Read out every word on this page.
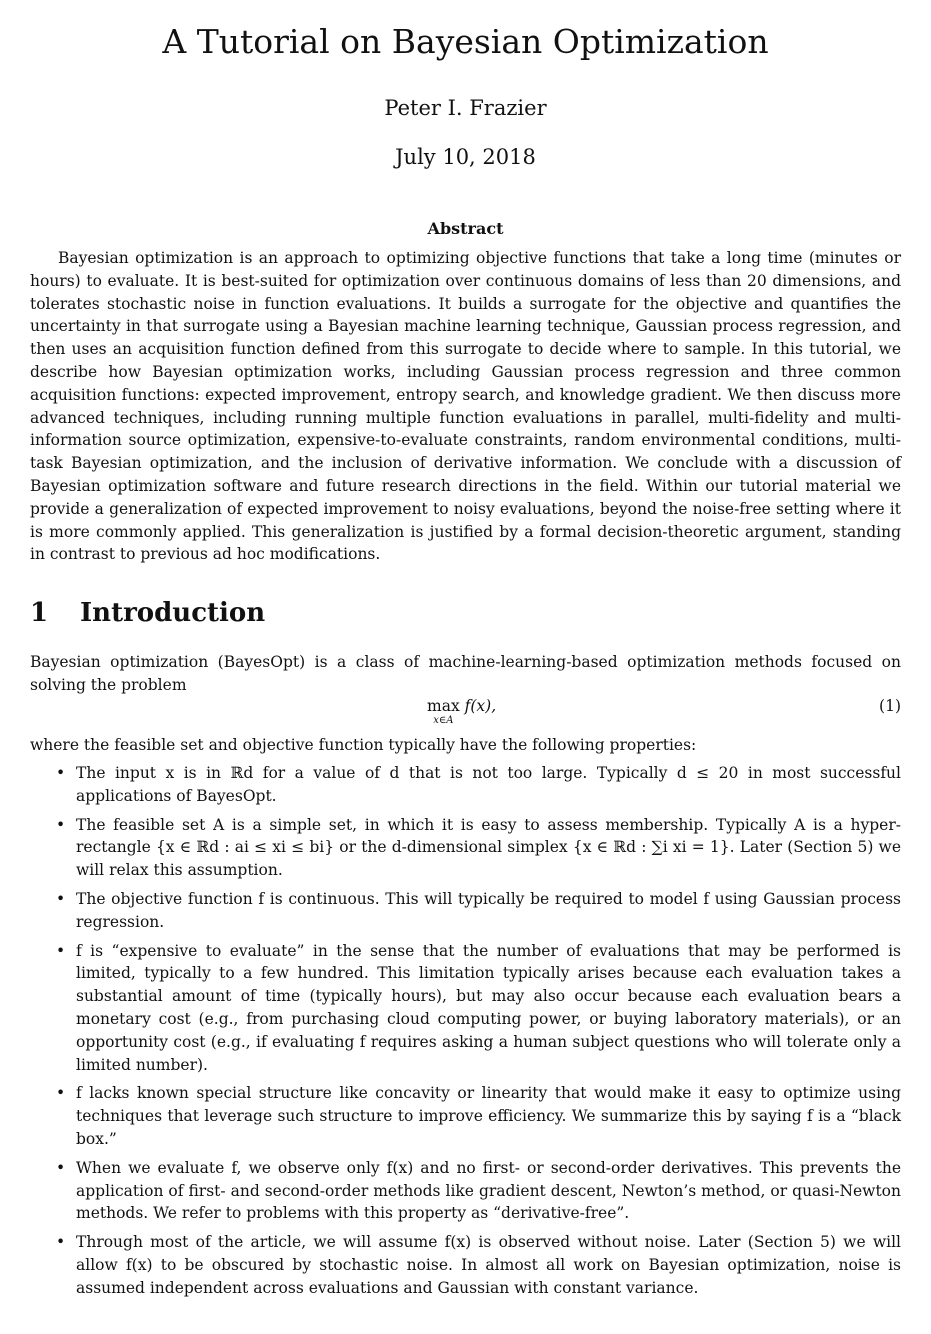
A Tutorial on Bayesian Optimization
Peter I. Frazier
July 10, 2018
Abstract

Bayesian optimization is an approach to optimizing objective functions that take a long time (minutes or hours) to evaluate. It is best-suited for optimization over continuous domains of less than 20 dimensions, and tolerates stochastic noise in function evaluations. It builds a surrogate for the objective and quantifies the uncertainty in that surrogate using a Bayesian machine learning technique, Gaussian process regression, and then uses an acquisition function defined from this surrogate to decide where to sample. In this tutorial, we describe how Bayesian optimization works, including Gaussian process regression and three common acquisition functions: expected improvement, entropy search, and knowledge gradient. We then discuss more advanced techniques, including running multiple function evaluations in parallel, multi-fidelity and multi-information source optimization, expensive-to-evaluate constraints, random environmental conditions, multi-task Bayesian optimization, and the inclusion of derivative information. We conclude with a discussion of Bayesian optimization software and future research directions in the field. Within our tutorial material we provide a generalization of expected improvement to noisy evaluations, beyond the noise-free setting where it is more commonly applied. This generalization is justified by a formal decision-theoretic argument, standing in contrast to previous ad hoc modifications.

1 Introduction

Bayesian optimization (BayesOpt) is a class of machine-learning-based optimization methods focused on solving the problem

max
x∈A
f(x),	(1)

where the feasible set and objective function typically have the following properties:

• The input x is in ℝd for a value of d that is not too large. Typically d ≤ 20 in most successful applications of BayesOpt.
• The feasible set A is a simple set, in which it is easy to assess membership. Typically A is a hyper-rectangle {x ∈ ℝd : ai ≤ xi ≤ bi} or the d-dimensional simplex {x ∈ ℝd : ∑i xi = 1}. Later (Section 5) we will relax this assumption.
• The objective function f is continuous. This will typically be required to model f using Gaussian process regression.
• f is “expensive to evaluate” in the sense that the number of evaluations that may be performed is limited, typically to a few hundred. This limitation typically arises because each evaluation takes a substantial amount of time (typically hours), but may also occur because each evaluation bears a monetary cost (e.g., from purchasing cloud computing power, or buying laboratory materials), or an opportunity cost (e.g., if evaluating f requires asking a human subject questions who will tolerate only a limited number).
• f lacks known special structure like concavity or linearity that would make it easy to optimize using techniques that leverage such structure to improve efficiency. We summarize this by saying f is a “black box.”
• When we evaluate f, we observe only f(x) and no first- or second-order derivatives. This prevents the application of first- and second-order methods like gradient descent, Newton’s method, or quasi-Newton methods. We refer to problems with this property as “derivative-free”.
• Through most of the article, we will assume f(x) is observed without noise. Later (Section 5) we will allow f(x) to be obscured by stochastic noise. In almost all work on Bayesian optimization, noise is assumed independent across evaluations and Gaussian with constant variance.
